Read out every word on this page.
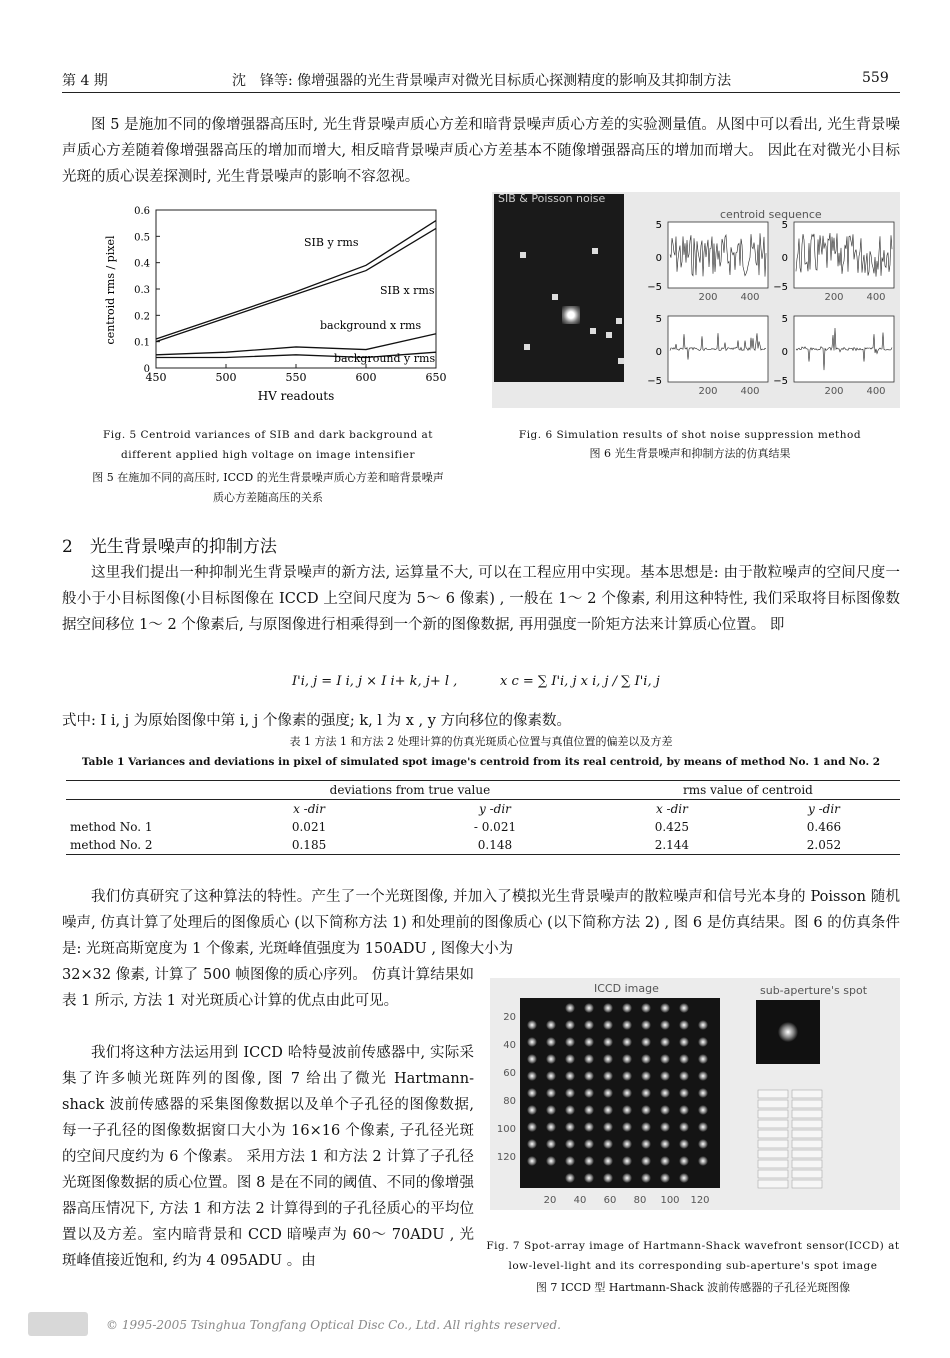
第 4 期	沈　锋等: 像增强器的光生背景噪声对微光目标质心探测精度的影响及其抑制方法	559

图 5 是施加不同的像增强器高压时, 光生背景噪声质心方差和暗背景噪声质心方差的实验测量值。从图中可以看出, 光生背景噪声质心方差随着像增强器高压的增加而增大, 相反暗背景噪声质心方差基本不随像增强器高压的增加而增大。 因此在对微光小目标光斑的质心误差探测时, 光生背景噪声的影响不容忽视。

0
0.1
0.2
0.3
0.4
0.5
0.6
450	500	550	600	650
centroid rms / pixel
HV readouts
SIB y rms
SIB x rms
background x rms
background y rms
SIB & Poisson noise
centroid sequence
5
0
−5
200 400
5
0
−5
200 400
5
0
−5
200 400
5
0
−5
200 400
Fig. 5 Centroid variances of SIB and dark background at different applied high voltage on image intensifier
图 5 在施加不同的高压时, ICCD 的光生背景噪声质心方差和暗背景噪声质心方差随高压的关系
Fig. 6 Simulation results of shot noise suppression method
图 6 光生背景噪声和抑制方法的仿真结果
2　光生背景噪声的抑制方法

这里我们提出一种抑制光生背景噪声的新方法, 运算量不大, 可以在工程应用中实现。基本思想是: 由于散粒噪声的空间尺度一般小于小目标图像(小目标图像在 ICCD 上空间尺度为 5～ 6 像素) , 一般在 1～ 2 个像素, 利用这种特性, 我们采取将目标图像数据空间移位 1～ 2 个像素后, 与原图像进行相乘得到一个新的图像数据, 再用强度一阶矩方法来计算质心位置。 即

I'i, j = I i, j × I i+ k, j+ l ,	x c = ∑ I'i, j x i, j ∕ ∑ I'i, j

式中: I i, j 为原始图像中第 i, j 个像素的强度; k, l 为 x , y 方向移位的像素数。

表 1 方法 1 和方法 2 处理计算的仿真光斑质心位置与真值位置的偏差以及方差
Table 1 Variances and deviations in pixel of simulated spot image's centroid from its real centroid, by means of method No. 1 and No. 2
	deviations from true value		rms value of centroid	
	x -dir	y -dir	x -dir	y -dir
method No. 1	0.021	- 0.021	0.425	0.466
method No. 2	0.185	0.148	2.144	2.052

我们仿真研究了这种算法的特性。产生了一个光斑图像, 并加入了模拟光生背景噪声的散粒噪声和信号光本身的 Poisson 随机噪声, 仿真计算了处理后的图像质心 (以下简称方法 1) 和处理前的图像质心 (以下简称方法 2) , 图 6 是仿真结果。图 6 的仿真条件是: 光斑高斯宽度为 1 个像素, 光斑峰值强度为 150ADU , 图像大小为

32×32 像素, 计算了 500 帧图像的质心序列。 仿真计算结果如表 1 所示, 方法 1 对光斑质心计算的优点由此可见。

我们将这种方法运用到 ICCD 哈特曼波前传感器中, 实际采集了许多帧光斑阵列的图像, 图 7 给出了微光 Hartmann-shack 波前传感器的采集图像数据以及单个子孔径的图像数据, 每一子孔径的图像数据窗口大小为 16×16 个像素, 子孔径光斑的空间尺度约为 6 个像素。 采用方法 1 和方法 2 计算了子孔径光斑图像数据的质心位置。图 8 是在不同的阈值、不同的像增强器高压情况下, 方法 1 和方法 2 计算得到的子孔径质心的平均位置以及方差。室内暗背景和 CCD 暗噪声为 60～ 70ADU , 光斑峰值接近饱和, 约为 4 095ADU 。由

ICCD image	sub-aperture's spot
20
40
60
80
100
120
20 40 60 80 100 120
Fig. 7 Spot-array image of Hartmann-Shack wavefront sensor(ICCD) at low-level-light and its corresponding sub-aperture's spot image
图 7 ICCD 型 Hartmann-Shack 波前传感器的子孔径光斑图像
© 1995-2005 Tsinghua Tongfang Optical Disc Co., Ltd. All rights reserved.
